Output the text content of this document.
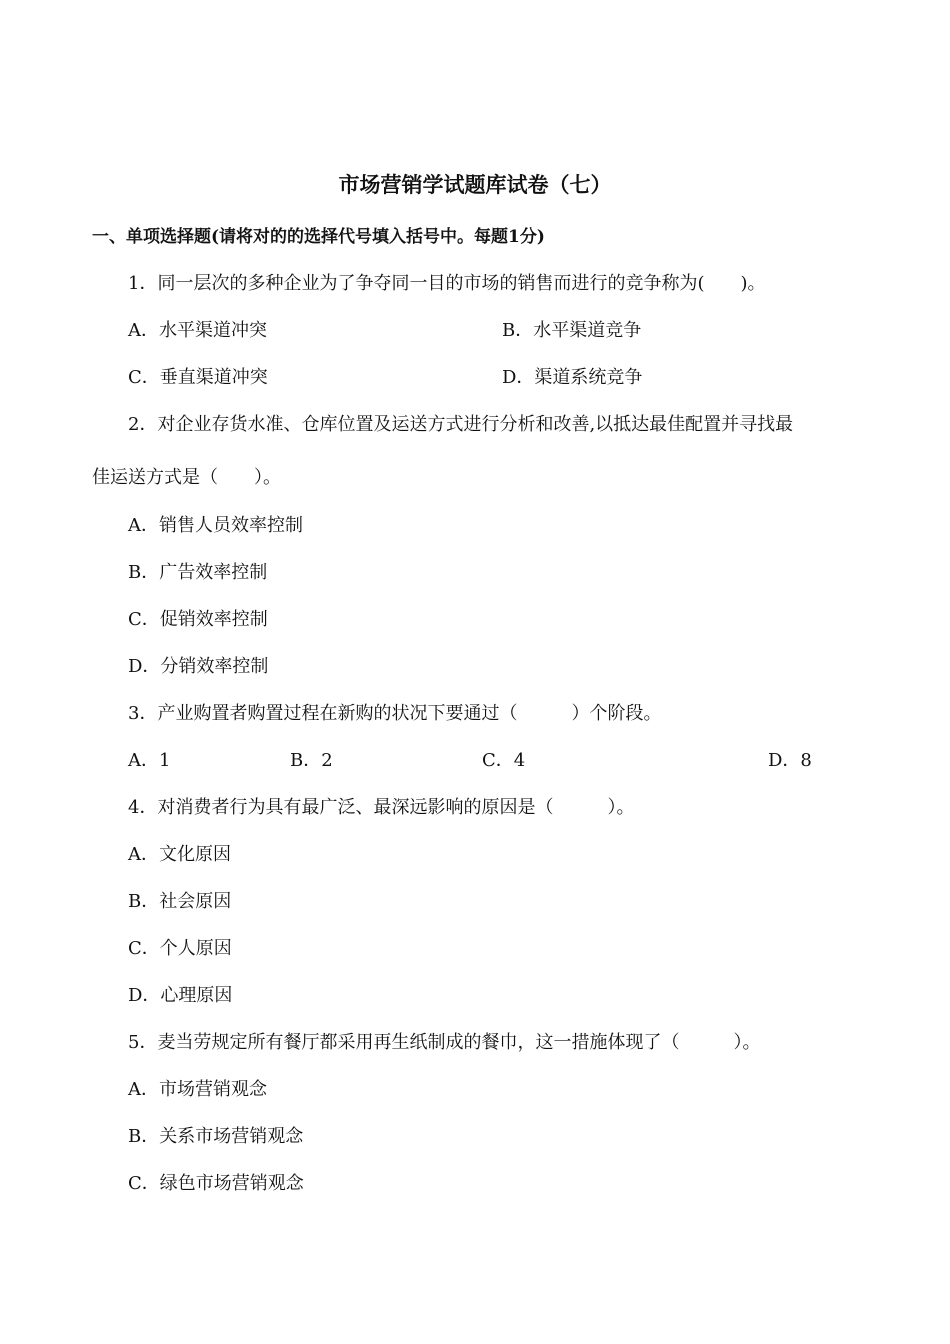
市场营销学试题库试卷（七）
一、单项选择题(请将对的的选择代号填入括号中。每题1分)
1．同一层次的多种企业为了争夺同一目的市场的销售而进行的竞争称为(　　)。
A．水平渠道冲突	B．水平渠道竞争
C．垂直渠道冲突	D．渠道系统竞争
2．对企业存货水准、仓库位置及运送方式进行分析和改善,以抵达最佳配置并寻找最
佳运送方式是（　　）。
A．销售人员效率控制
B．广告效率控制
C．促销效率控制
D．分销效率控制
3．产业购置者购置过程在新购的状况下要通过（　　　）个阶段。
A．1	B．2	C．4	D．8
4．对消费者行为具有最广泛、最深远影响的原因是（　　　）。
A．文化原因
B．社会原因
C．个人原因
D．心理原因
5．麦当劳规定所有餐厅都采用再生纸制成的餐巾，这一措施体现了（　　　）。
A．市场营销观念
B．关系市场营销观念
C．绿色市场营销观念
